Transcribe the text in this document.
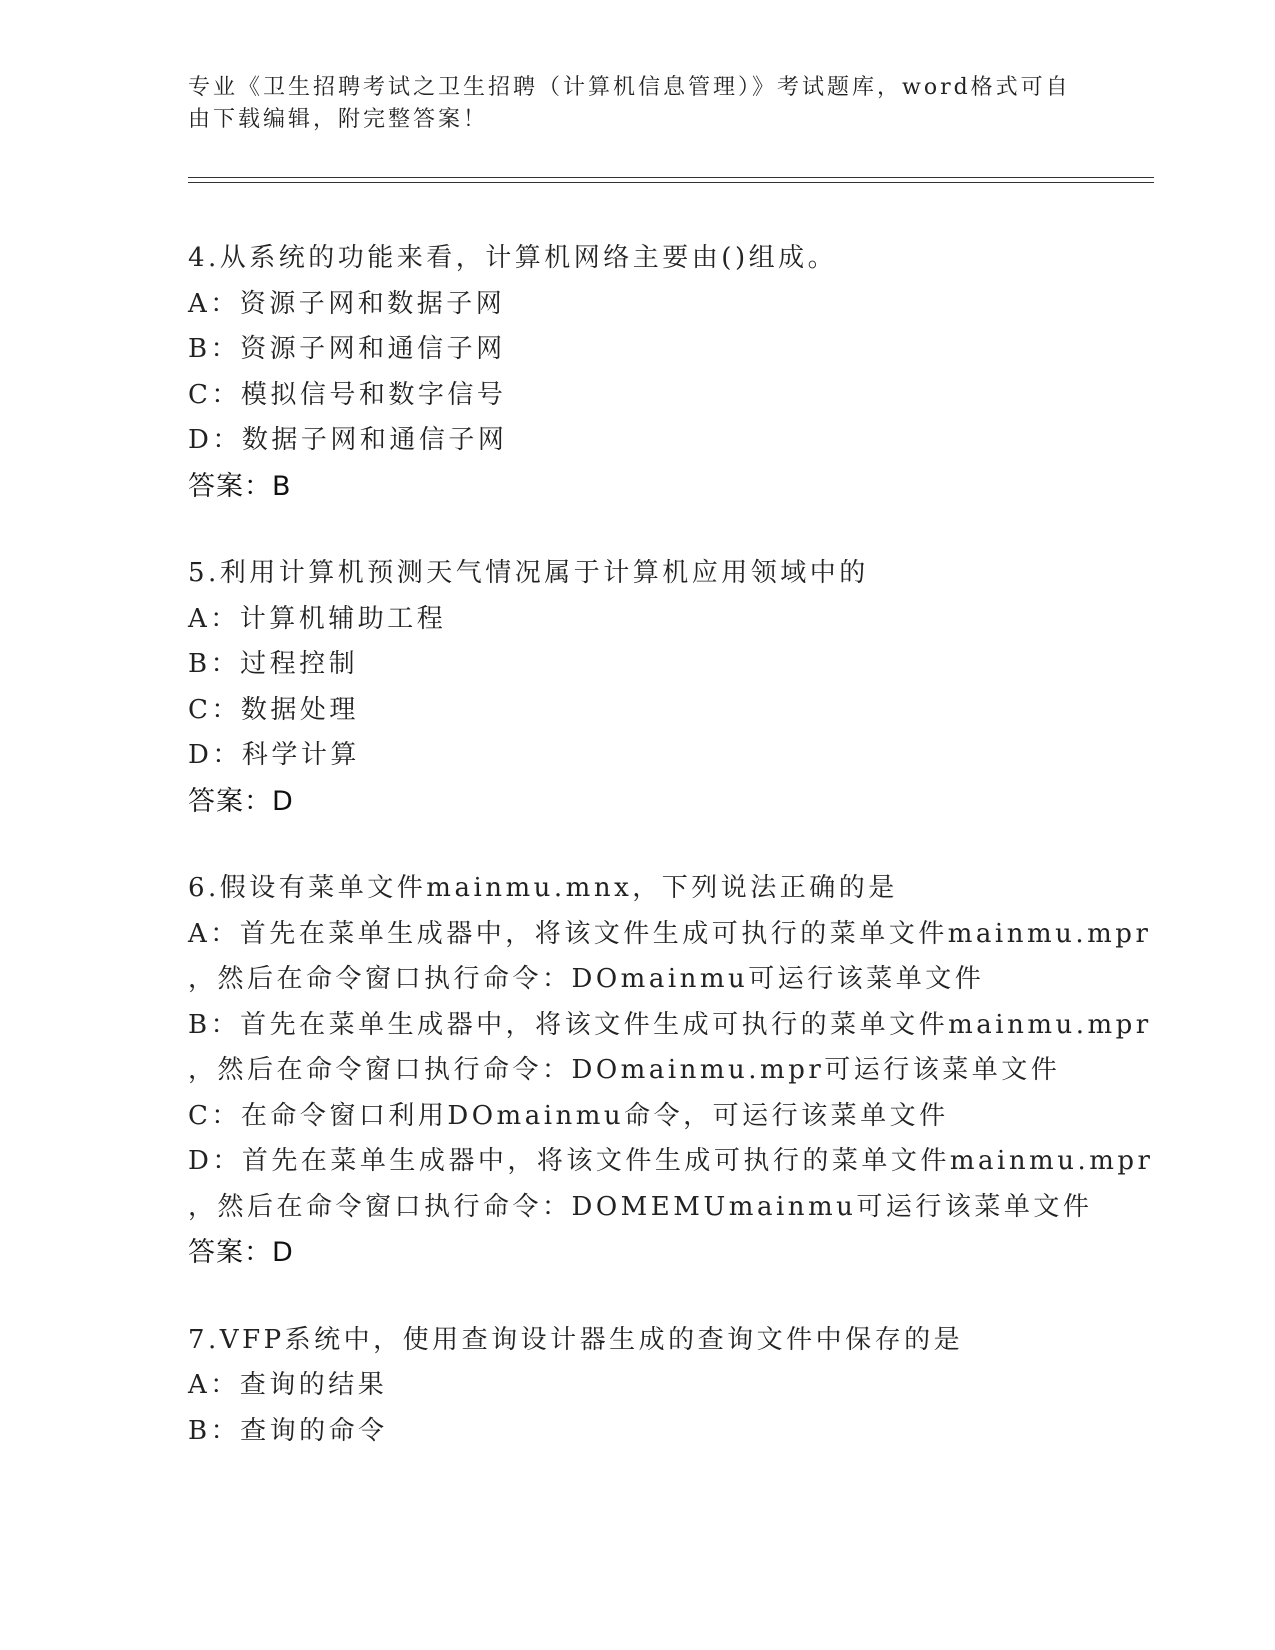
专业《卫生招聘考试之卫生招聘（计算机信息管理）》考试题库，word格式可自
由下载编辑，附完整答案！
4.从系统的功能来看，计算机网络主要由()组成。
A：资源子网和数据子网
B：资源子网和通信子网
C：模拟信号和数字信号
D：数据子网和通信子网
答案：B
5.利用计算机预测天气情况属于计算机应用领域中的
A：计算机辅助工程
B：过程控制
C：数据处理
D：科学计算
答案：D
6.假设有菜单文件mainmu.mnx，下列说法正确的是
A：首先在菜单生成器中，将该文件生成可执行的菜单文件mainmu.mpr
，然后在命令窗口执行命令：DOmainmu可运行该菜单文件
B：首先在菜单生成器中，将该文件生成可执行的菜单文件mainmu.mpr
，然后在命令窗口执行命令：DOmainmu.mpr可运行该菜单文件
C：在命令窗口利用DOmainmu命令，可运行该菜单文件
D：首先在菜单生成器中，将该文件生成可执行的菜单文件mainmu.mpr
，然后在命令窗口执行命令：DOMEMUmainmu可运行该菜单文件
答案：D
7.VFP系统中，使用查询设计器生成的查询文件中保存的是
A：查询的结果
B：查询的命令
